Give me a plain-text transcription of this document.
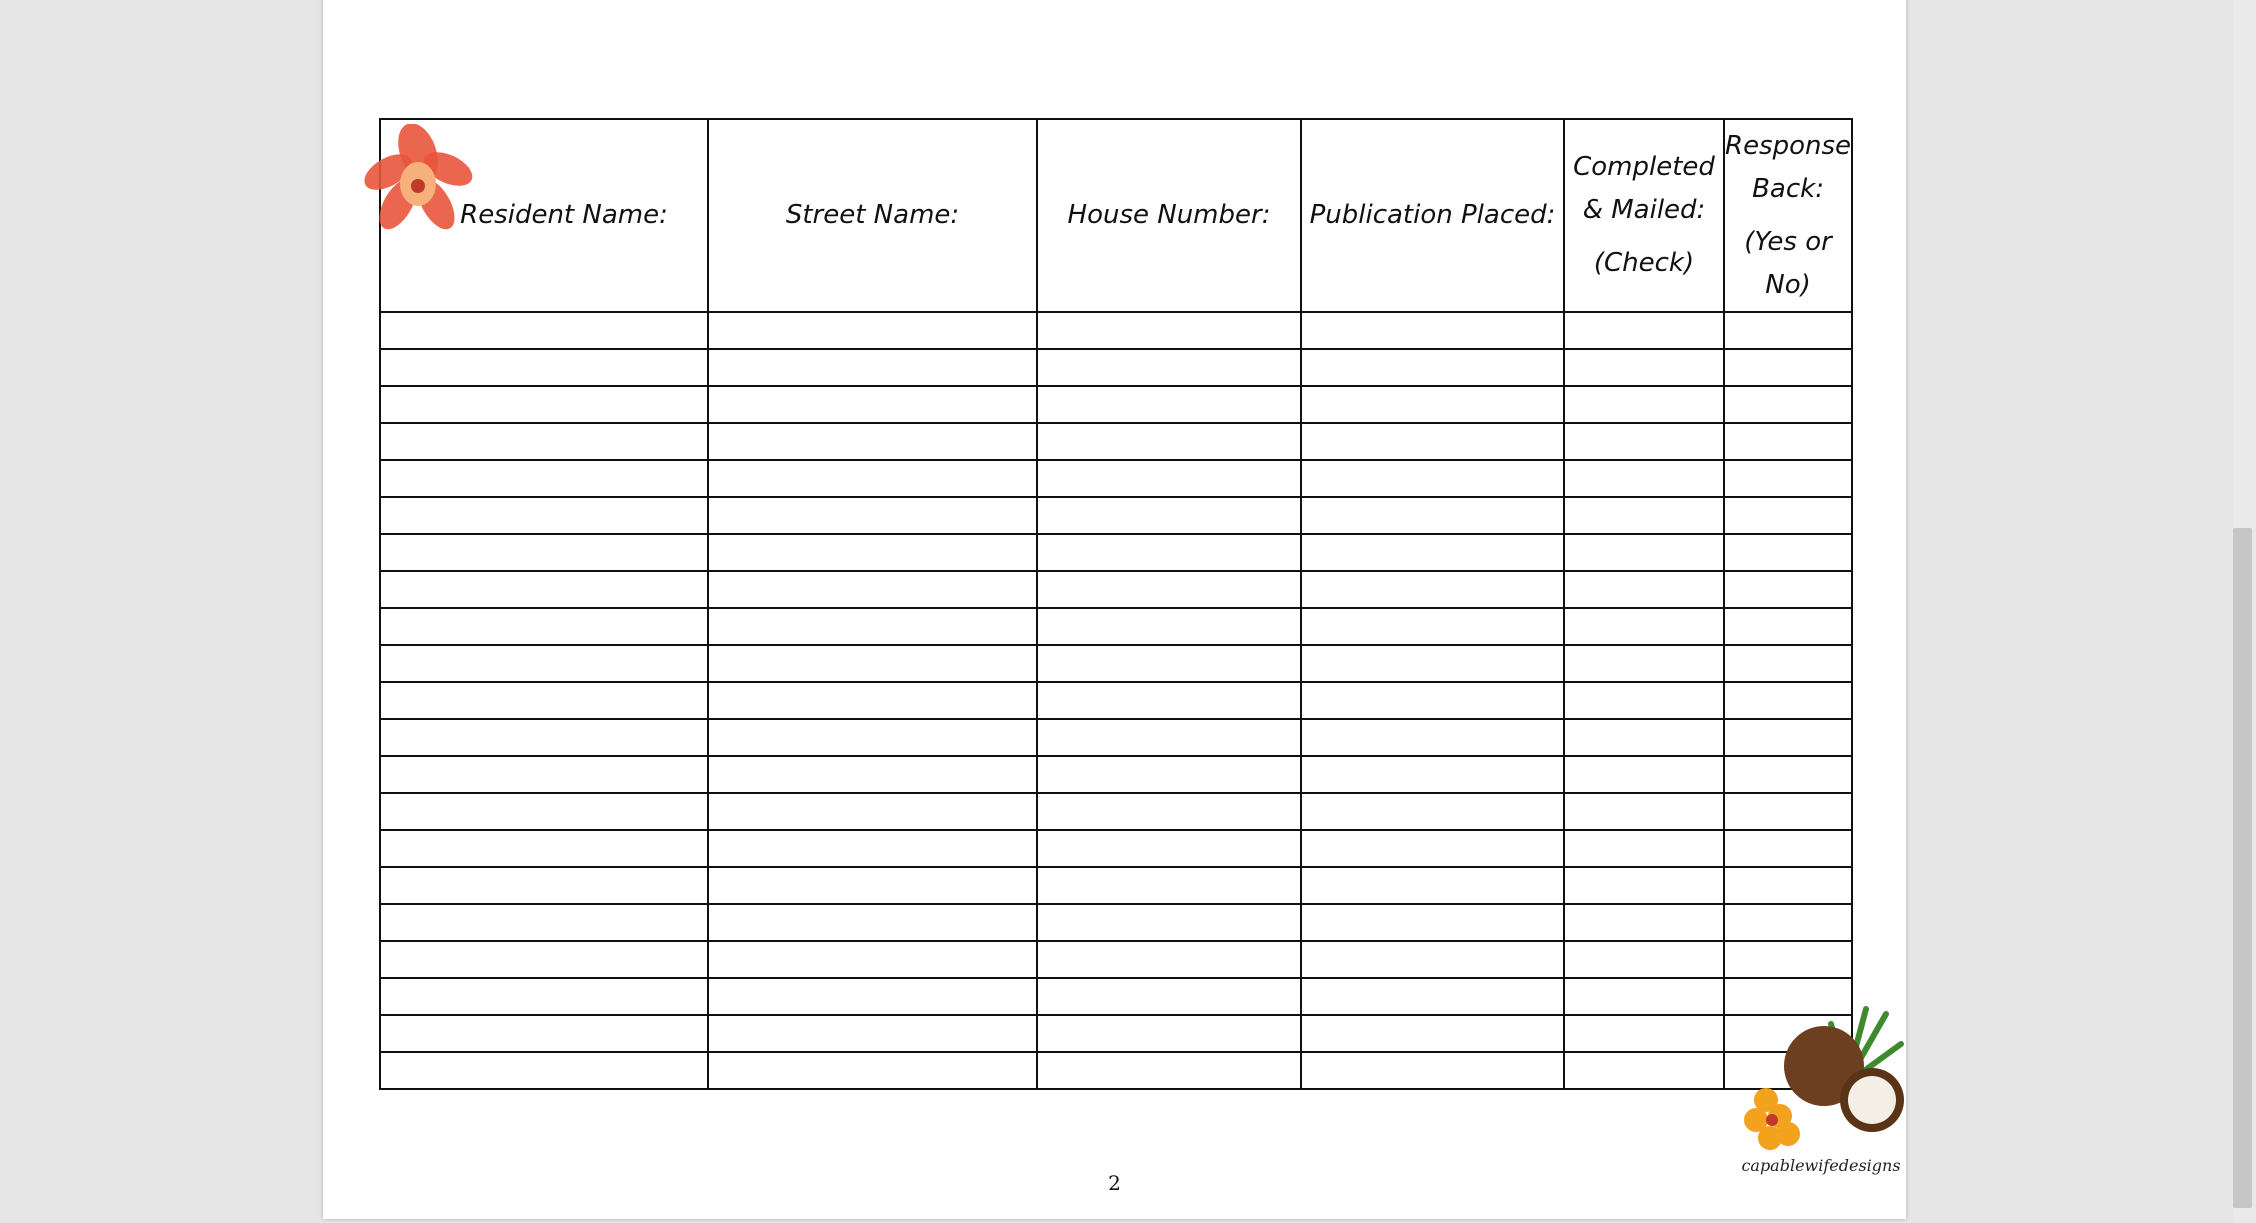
Resident Name:	Street Name:	House Number:	Publication Placed:	Completed
& Mailed:
(Check)	Response
Back:
(Yes or
No)

capablewifedesigns
2
